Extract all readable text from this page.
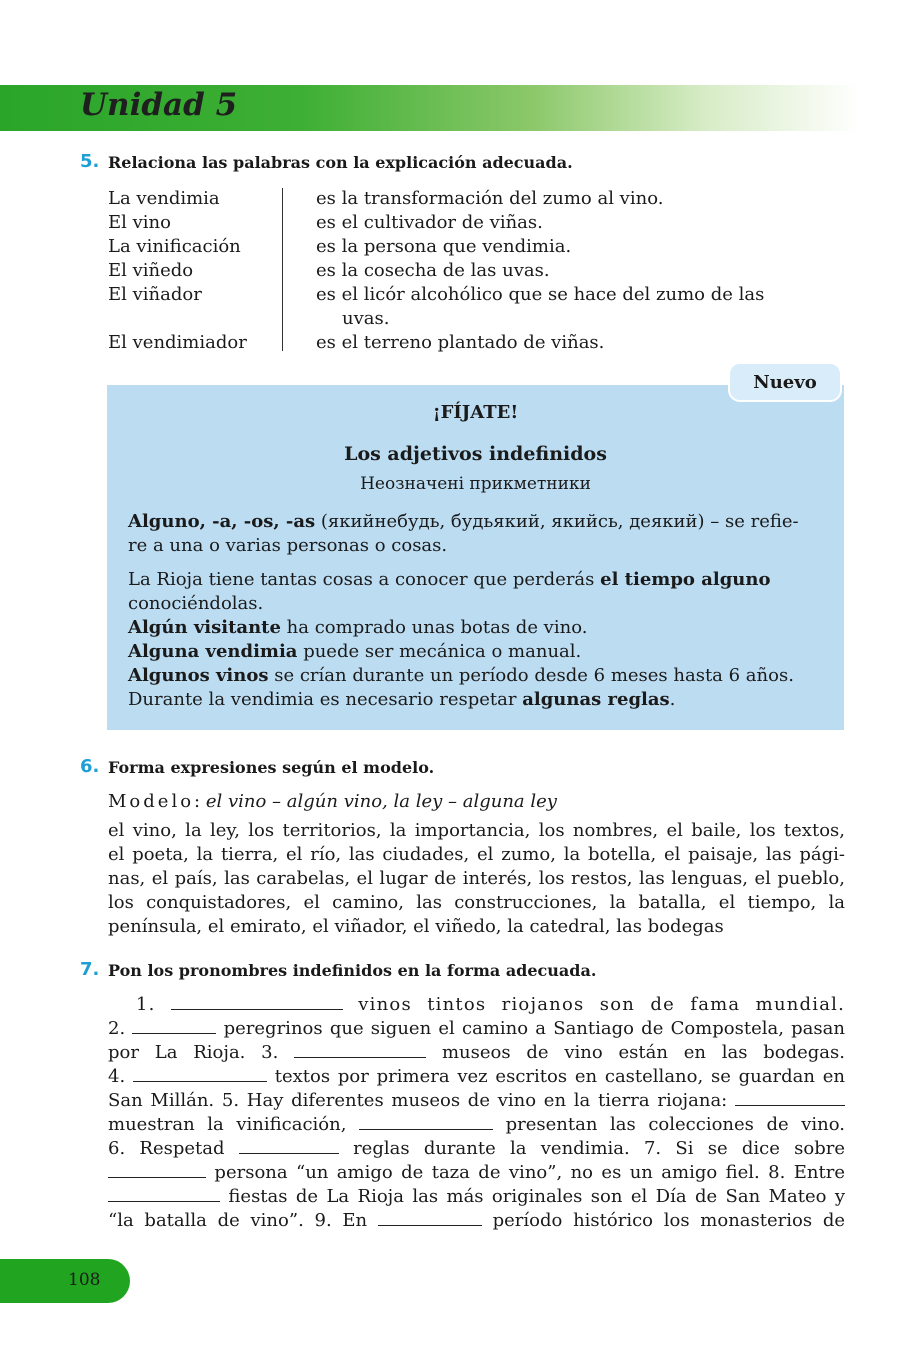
Unidad 5
5. Relaciona las palabras con la explicación adecuada.
La vendimia	es la transformación del zumo al vino.
El vino	es el cultivador de viñas.
La vinificación	es la persona que vendimia.
El viñedo	es la cosecha de las uvas.
El viñador	es el licór alcohólico que se hace del zumo de las
uvas.
El vendimiador	es el terreno plantado de viñas.
Nuevo
¡FÍJATE!
Los adjetivos indefinidos
Неозначені прикметники
Alguno, -a, -os, -as (якийнебудь, будьякий, якийсь, деякий) – se refie-
re a una o varias personas o cosas.
La Rioja tiene tantas cosas a conocer que perderás el tiempo alguno
conociéndolas.
Algún visitante ha comprado unas botas de vino.
Alguna vendimia puede ser mecánica o manual.
Algunos vinos se crían durante un período desde 6 meses hasta 6 años.
Durante la vendimia es necesario respetar algunas reglas.
6. Forma expresiones según el modelo.
Modelo: el vino – algún vino, la ley – alguna ley
el vino, la ley, los territorios, la importancia, los nombres, el baile, los textos,
el poeta, la tierra, el río, las ciudades, el zumo, la botella, el paisaje, las pági-
nas, el país, las carabelas, el lugar de interés, los restos, las lenguas, el pueblo,
los conquistadores, el camino, las construcciones, la batalla, el tiempo, la
península, el emirato, el viñador, el viñedo, la catedral, las bodegas
7. Pon los pronombres indefinidos en la forma adecuada.
1.	vinos tintos riojanos son de fama mundial.
2.	peregrinos que siguen el camino a Santiago de Compostela, pasan
por La Rioja. 3.	museos de vino están en las bodegas.
4.	textos por primera vez escritos en castellano, se guardan en
San Millán. 5. Hay diferentes museos de vino en la tierra riojana:
muestran la vinificación,	presentan las colecciones de vino.
6. Respetad	reglas durante la vendimia. 7. Si se dice sobre
persona “un amigo de taza de vino”, no es un amigo fiel. 8. Entre
fiestas de La Rioja las más originales son el Día de San Mateo y
“la batalla de vino”. 9. En	período histórico los monasterios de
108
